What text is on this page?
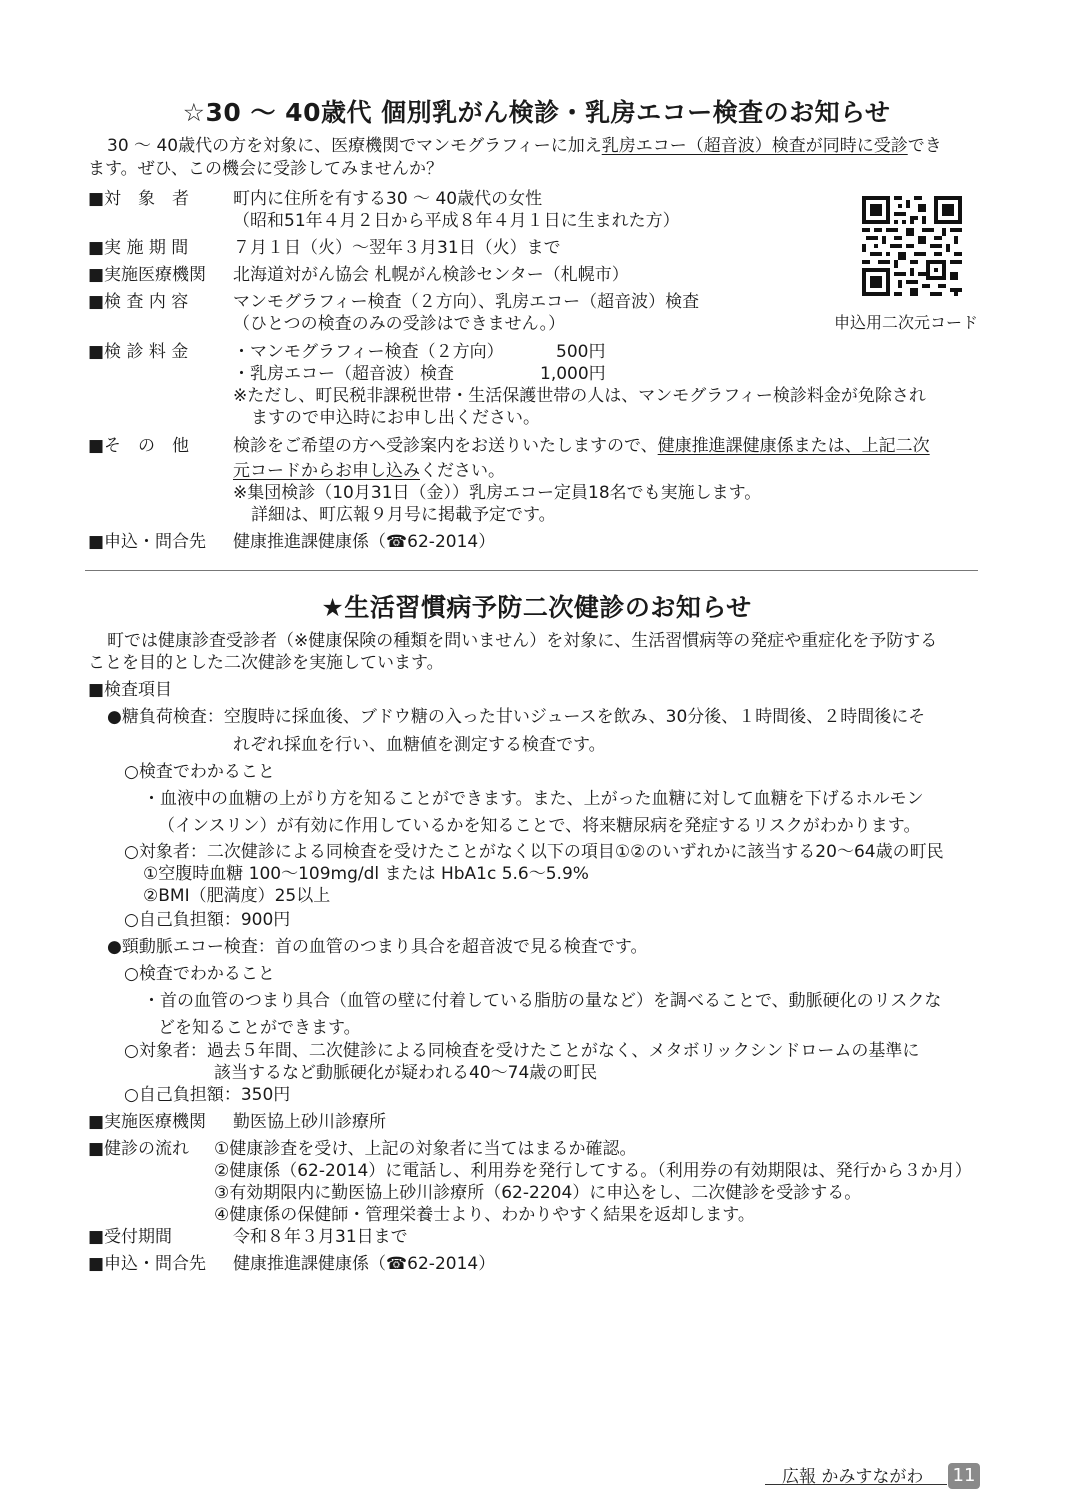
☆30 ～ 40歳代 個別乳がん検診・乳房エコー検査のお知らせ
30 ～ 40歳代の方を対象に、医療機関でマンモグラフィーに加え乳房エコー（超音波）検査が同時に受診でき
ます。ぜひ、この機会に受診してみませんか？
■対　象　者	町内に住所を有する30 ～ 40歳代の女性
（昭和51年４月２日から平成８年４月１日に生まれた方）
■実 施 期 間	７月１日（火）～翌年３月31日（火）まで
■実施医療機関 北海道対がん協会 札幌がん検診センター（札幌市）
■検 査 内 容	マンモグラフィー検査（２方向）、乳房エコー（超音波）検査
（ひとつの検査のみの受診はできません。）
■検 診 料 金	・マンモグラフィー検査（２方向）	500円
・乳房エコー（超音波）検査	1,000円
※ただし、町民税非課税世帯・生活保護世帯の人は、マンモグラフィー検診料金が免除され
ますので申込時にお申し出ください。
■そ　の　他	検診をご希望の方へ受診案内をお送りいたしますので、健康推進課健康係または、上記二次
元コードからお申し込みください。
※集団検診（10月31日（金））乳房エコー定員18名でも実施します。
詳細は、町広報９月号に掲載予定です。
■申込・問合先 健康推進課健康係（☎62-2014）
申込用二次元コード
★生活習慣病予防二次健診のお知らせ
町では健康診査受診者（※健康保険の種類を問いません）を対象に、生活習慣病等の発症や重症化を予防する
ことを目的とした二次健診を実施しています。
■検査項目
●糖負荷検査：空腹時に採血後、ブドウ糖の入った甘いジュースを飲み、30分後、１時間後、２時間後にそ
れぞれ採血を行い、血糖値を測定する検査です。
○検査でわかること
・血液中の血糖の上がり方を知ることができます。また、上がった血糖に対して血糖を下げるホルモン
（インスリン）が有効に作用しているかを知ることで、将来糖尿病を発症するリスクがわかります。
○対象者：二次健診による同検査を受けたことがなく以下の項目①②のいずれかに該当する20～64歳の町民
①空腹時血糖 100～109mg/dl または HbA1c 5.6～5.9%
②BMI（肥満度）25以上
○自己負担額：900円
●頸動脈エコー検査：首の血管のつまり具合を超音波で見る検査です。
○検査でわかること
・首の血管のつまり具合（血管の壁に付着している脂肪の量など）を調べることで、動脈硬化のリスクな
どを知ることができます。
○対象者：過去５年間、二次健診による同検査を受けたことがなく、メタボリックシンドロームの基準に
該当するなど動脈硬化が疑われる40～74歳の町民
○自己負担額：350円
■実施医療機関 勤医協上砂川診療所
■健診の流れ ①健康診査を受け、上記の対象者に当てはまるか確認。
②健康係（62-2014）に電話し、利用券を発行してする。（利用券の有効期限は、発行から３か月）
③有効期限内に勤医協上砂川診療所（62-2204）に申込をし、二次健診を受診する。
④健康係の保健師・管理栄養士より、わかりやすく結果を返却します。
■受付期間	令和８年３月31日まで
■申込・問合先 健康推進課健康係（☎62-2014）
広報 かみすながわ 11
